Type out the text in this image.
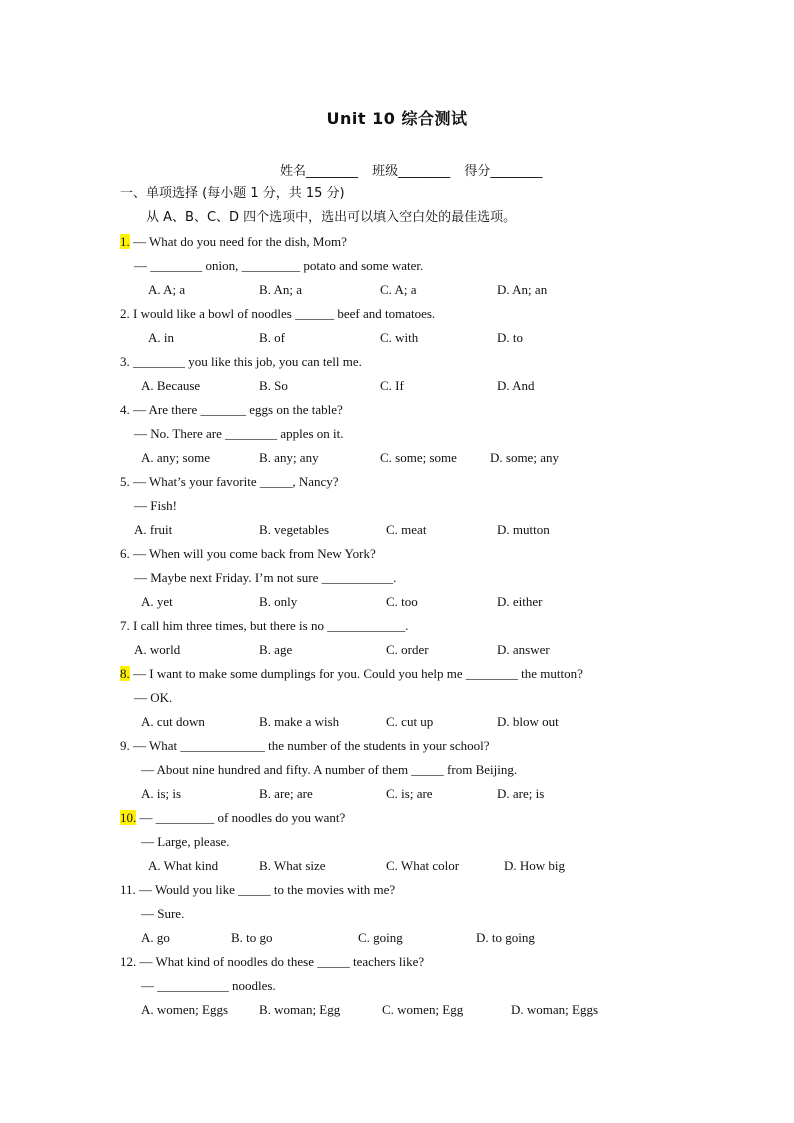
Unit 10 综合测试
姓名________ 班级________ 得分________
一、单项选择 (每小题 1 分，共 15 分)
从 A、B、C、D 四个选项中，选出可以填入空白处的最佳选项。
1. — What do you need for the dish, Mom?
— ________ onion, _________ potato and some water.
A. A; a	B. An; a	C. A; a	D. An; an
2. I would like a bowl of noodles ______ beef and tomatoes.
A. in	B. of	C. with	D. to
3. ________ you like this job, you can tell me.
A. Because	B. So	C. If	D. And
4. — Are there _______ eggs on the table?
— No. There are ________ apples on it.
A. any; some	B. any; any	C. some; some	D. some; any
5. — What’s your favorite _____, Nancy?
— Fish!
A. fruit	B. vegetables	C. meat	D. mutton
6. — When will you come back from New York?
— Maybe next Friday. I’m not sure ___________.
A. yet	B. only	C. too	D. either
7. I call him three times, but there is no ____________.
A. world	B. age	C. order	D. answer
8. — I want to make some dumplings for you. Could you help me ________ the mutton?
— OK.
A. cut down	B. make a wish	C. cut up	D. blow out
9. — What _____________ the number of the students in your school?
— About nine hundred and fifty. A number of them _____ from Beijing.
A. is; is	B. are; are	C. is; are	D. are; is
10. — _________ of noodles do you want?
— Large, please.
A. What kind	B. What size	C. What color	D. How big
11. — Would you like _____ to the movies with me?
— Sure.
A. go	B. to go	C. going	D. to going
12. — What kind of noodles do these _____ teachers like?
— ___________ noodles.
A. women; Eggs B. woman; Egg	C. women; Egg	D. woman; Eggs
